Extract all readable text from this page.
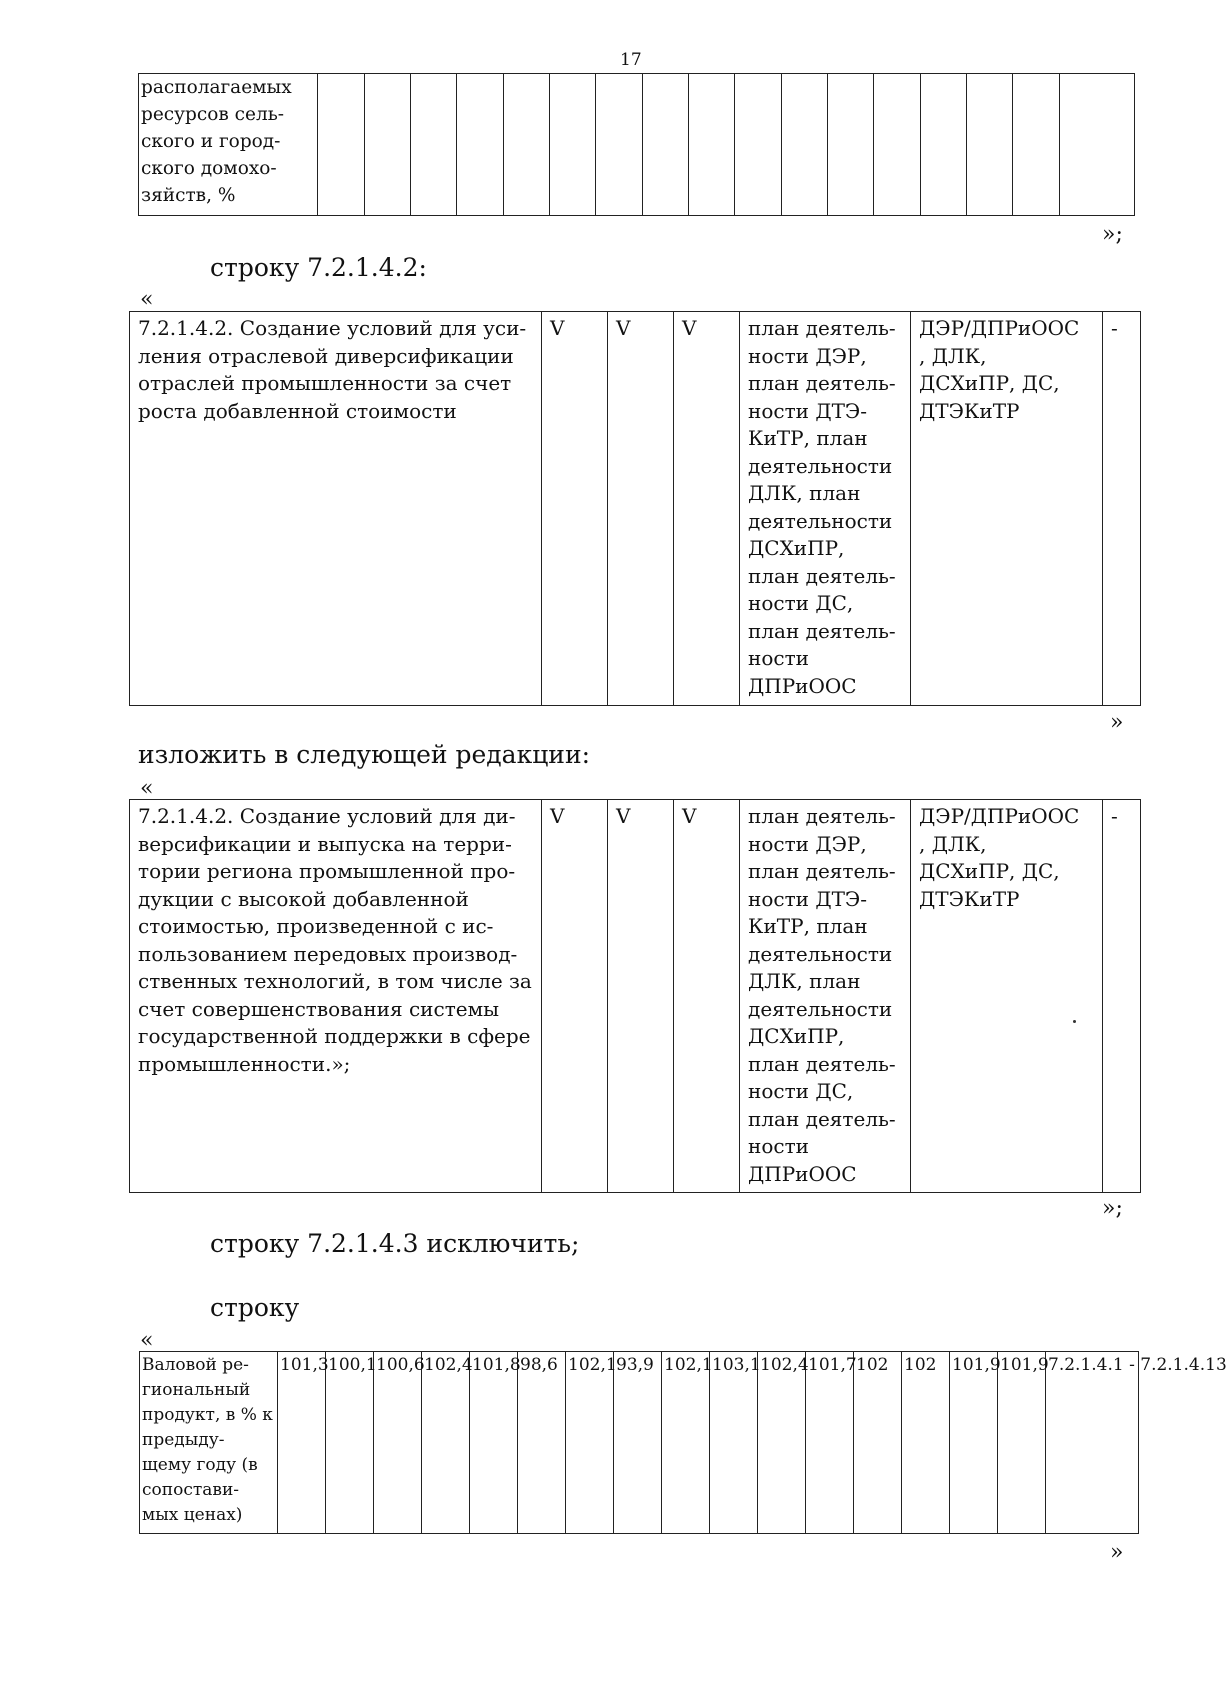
17
располагаемых
ресурсов сель-
ского и город-
ского домохо-
зяйств, %																	
»;
строку 7.2.1.4.2:
«
7.2.1.4.2. Создание условий для уси-
ления отраслевой диверсификации
отраслей промышленности за счет
роста добавленной стоимости	V	V	V	план деятель-
ности ДЭР,
план деятель-
ности ДТЭ-
КиТР, план
деятельности
ДЛК, план
деятельности
ДСХиПР,
план деятель-
ности ДС,
план деятель-
ности
ДПРиООС	ДЭР/ДПРиООС
, ДЛК,
ДСХиПР, ДС,
ДТЭКиТР	-
»
изложить в следующей редакции:
«
7.2.1.4.2. Создание условий для ди-
версификации и выпуска на терри-
тории региона промышленной про-
дукции с высокой добавленной
стоимостью, произведенной с ис-
пользованием передовых производ-
ственных технологий, в том числе за
счет совершенствования системы
государственной поддержки в сфере
промышленности.»;	V	V	V	план деятель-
ности ДЭР,
план деятель-
ности ДТЭ-
КиТР, план
деятельности
ДЛК, план
деятельности
ДСХиПР,
план деятель-
ности ДС,
план деятель-
ности
ДПРиООС	ДЭР/ДПРиООС
, ДЛК,
ДСХиПР, ДС,
ДТЭКиТР	-
»;
строку 7.2.1.4.3 исключить;
строку
«
Валовой ре- гиональный продукт, в % к предыду- щему году (в сопостави- мых ценах)	101,3	100,1	100,6	102,4	101,8	98,6	102,1	93,9	102,1	103,1	102,4	101,7	102	102	101,9	101,9	7.2.1.4.1 - 7.2.1.4.13
»
